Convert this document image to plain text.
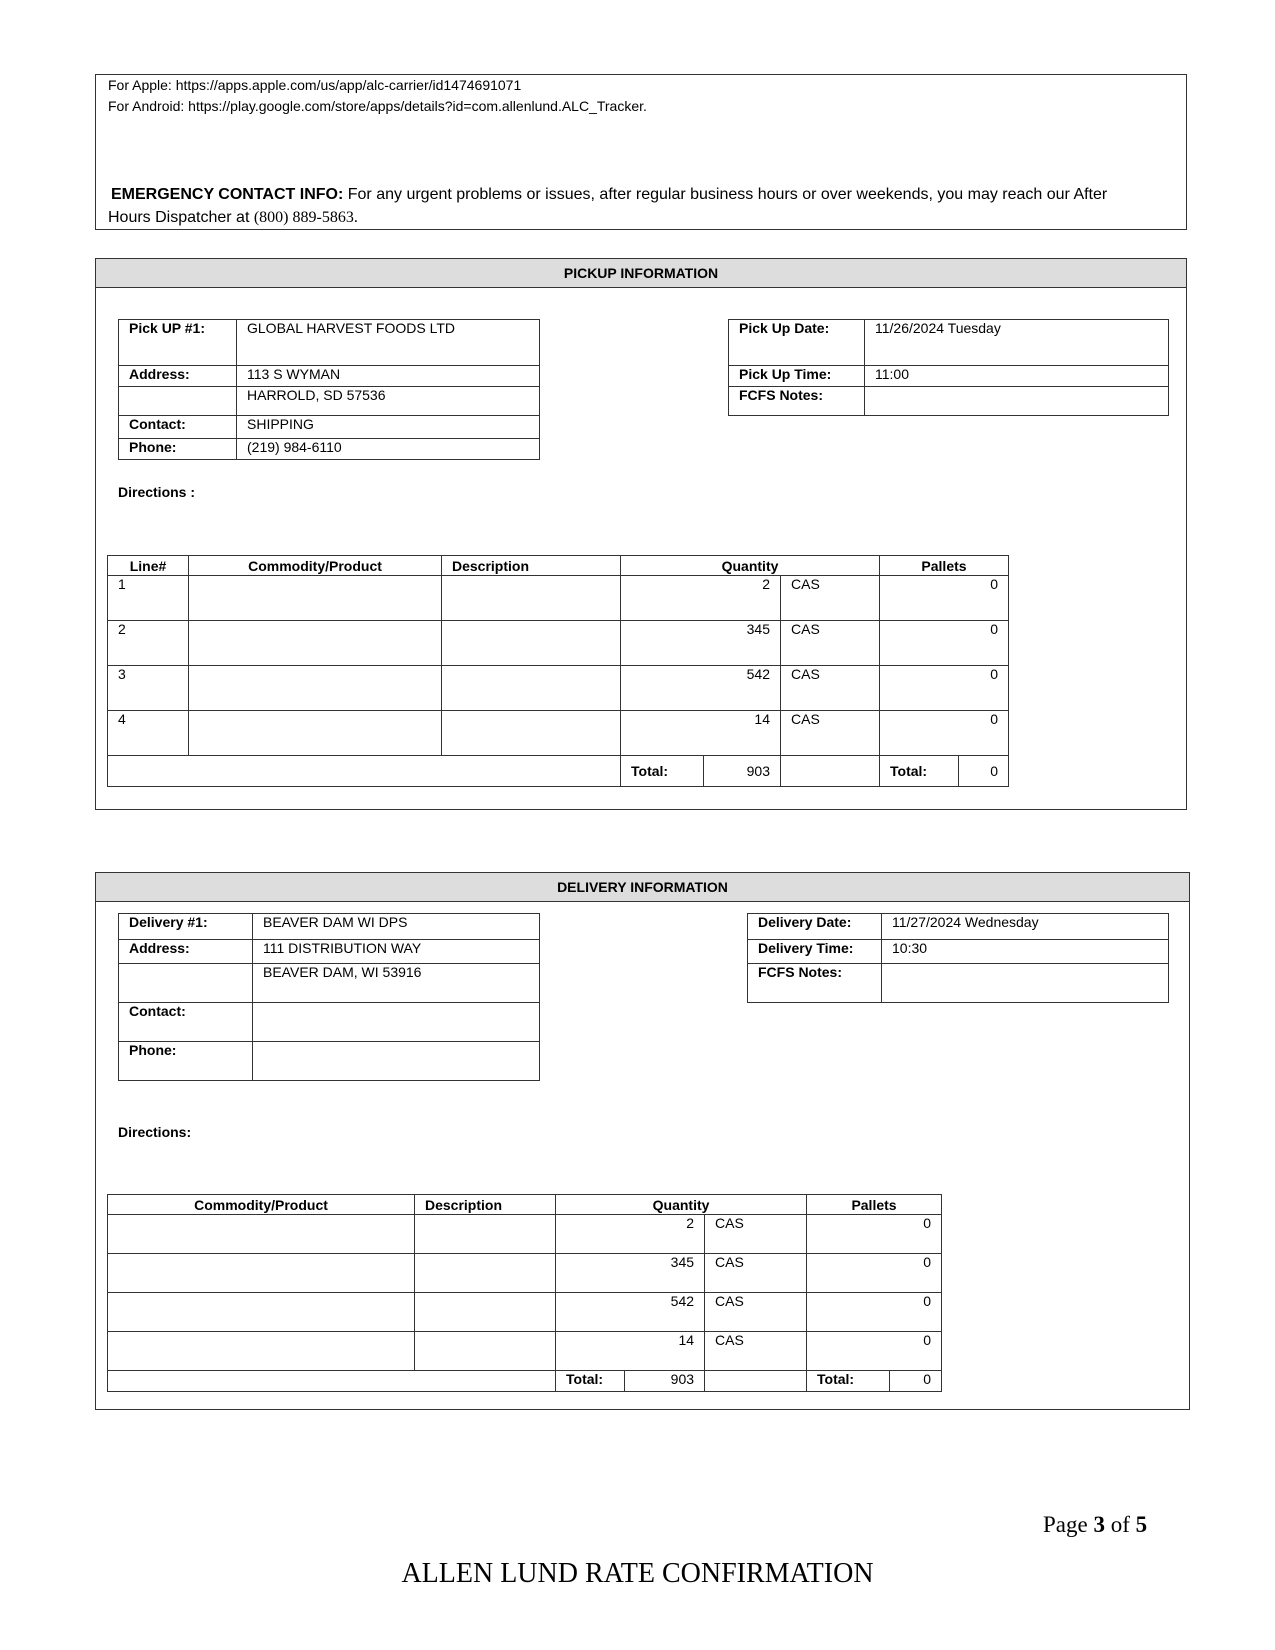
For Apple: https://apps.apple.com/us/app/alc-carrier/id1474691071
For Android: https://play.google.com/store/apps/details?id=com.allenlund.ALC_Tracker.
EMERGENCY CONTACT INFO: For any urgent problems or issues, after regular business hours or over weekends, you may reach our After
Hours Dispatcher at (800) 889-5863.
PICKUP INFORMATION
Pick UP #1:	GLOBAL HARVEST FOODS LTD
Address:	113 S WYMAN
	HARROLD, SD 57536
Contact:	SHIPPING
Phone:	(219) 984-6110
Pick Up Date:	11/26/2024 Tuesday
Pick Up Time:	11:00
FCFS Notes:	
Directions :
Line#	Commodity/Product	Description	Quantity			Pallets	
1			2		CAS	0	
2			345		CAS	0	
3			542		CAS	0	
4			14		CAS	0	
			Total:	903		Total:	0
DELIVERY INFORMATION
Delivery #1:	BEAVER DAM WI DPS
Address:	111 DISTRIBUTION WAY
	BEAVER DAM, WI 53916
Contact:	
Phone:	
Delivery Date:	11/27/2024 Wednesday
Delivery Time:	10:30
FCFS Notes:	
Directions:
Commodity/Product	Description	Quantity			Pallets	
		2		CAS	0	
		345		CAS	0	
		542		CAS	0	
		14		CAS	0	
		Total:	903		Total:	0
Page 3 of 5
ALLEN LUND RATE CONFIRMATION
